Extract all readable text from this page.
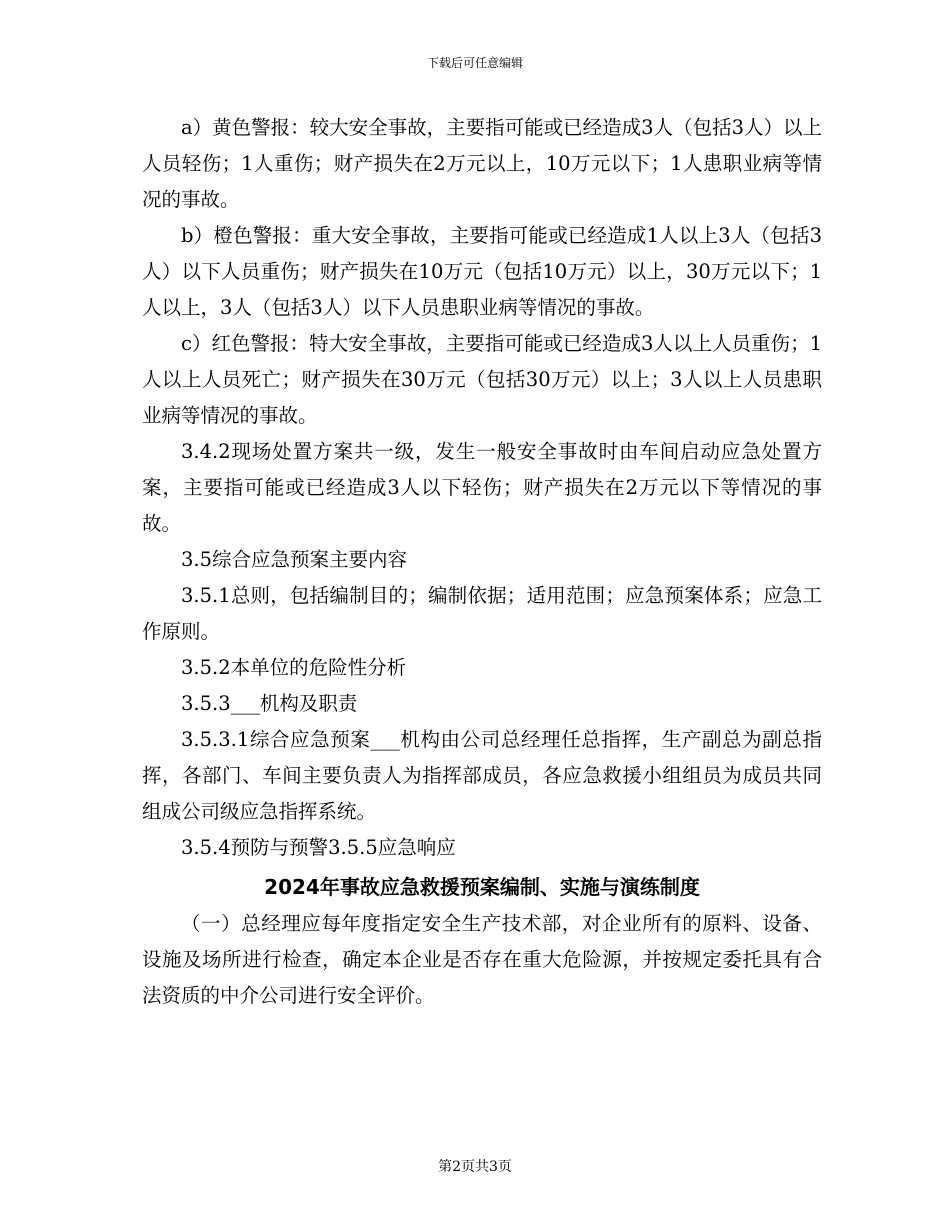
下载后可任意编辑

a）黄色警报：较大安全事故，主要指可能或已经造成3人（包括3人）以上人员轻伤；1人重伤；财产损失在2万元以上，10万元以下；1人患职业病等情况的事故。

b）橙色警报：重大安全事故，主要指可能或已经造成1人以上3人（包括3人）以下人员重伤；财产损失在10万元（包括10万元）以上，30万元以下；1人以上，3人（包括3人）以下人员患职业病等情况的事故。

c）红色警报：特大安全事故，主要指可能或已经造成3人以上人员重伤；1人以上人员死亡；财产损失在30万元（包括30万元）以上；3人以上人员患职业病等情况的事故。

3.4.2现场处置方案共一级，发生一般安全事故时由车间启动应急处置方案，主要指可能或已经造成3人以下轻伤；财产损失在2万元以下等情况的事故。

3.5综合应急预案主要内容

3.5.1总则，包括编制目的；编制依据；适用范围；应急预案体系；应急工作原则。

3.5.2本单位的危险性分析

3.5.3___机构及职责

3.5.3.1综合应急预案___机构由公司总经理任总指挥，生产副总为副总指挥，各部门、车间主要负责人为指挥部成员，各应急救援小组组员为成员共同组成公司级应急指挥系统。

3.5.4预防与预警3.5.5应急响应

2024年事故应急救援预案编制、实施与演练制度

（一）总经理应每年度指定安全生产技术部，对企业所有的原料、设备、设施及场所进行检查，确定本企业是否存在重大危险源，并按规定委托具有合法资质的中介公司进行安全评价。

第2页共3页
